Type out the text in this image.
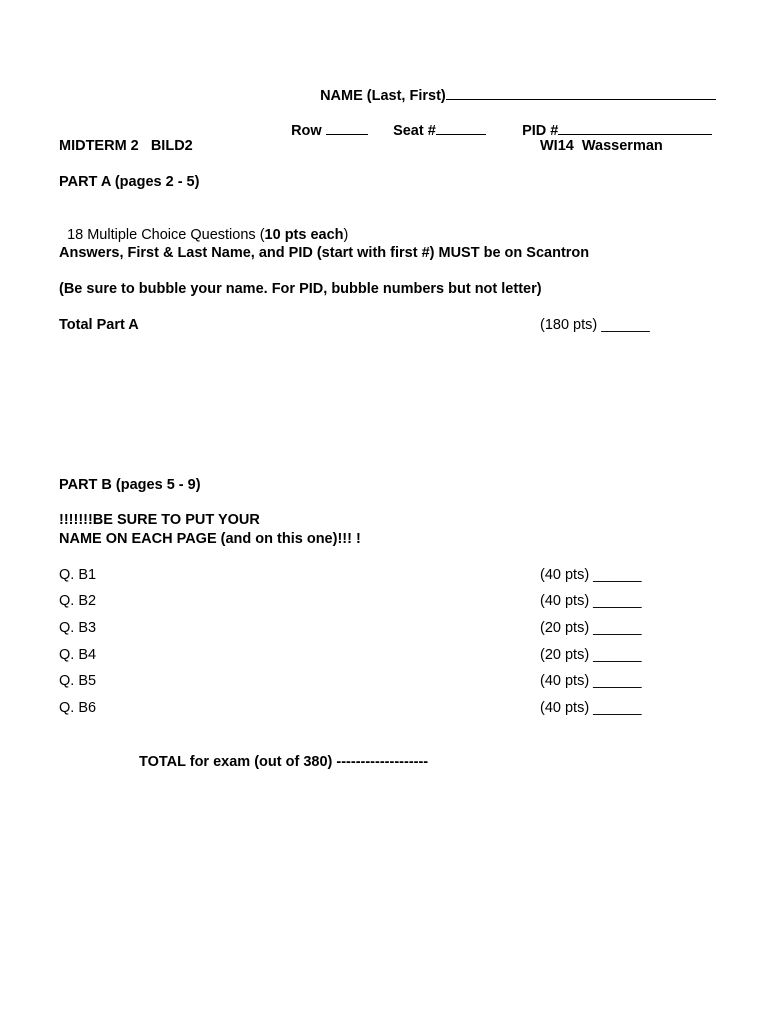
NAME (Last, First)

Row	Seat #	PID #

MIDTERM 2   BILD2	WI14  Wasserman
PART A (pages 2 - 5)

18 Multiple Choice Questions (10 pts each)

Answers, First & Last Name, and PID (start with first #) MUST be on Scantron
(Be sure to bubble your name. For PID, bubble numbers but not letter)
Total Part A	(180 pts) ______
PART B (pages 5 - 9)
!!!!!!!BE SURE TO PUT YOUR
NAME ON EACH PAGE (and on this one)!!! !
Q. B1	(40 pts) ______
Q. B2	(40 pts) ______
Q. B3	(20 pts) ______
Q. B4	(20 pts) ______
Q. B5	(40 pts) ______
Q. B6	(40 pts) ______
TOTAL for exam (out of 380) -------------------
